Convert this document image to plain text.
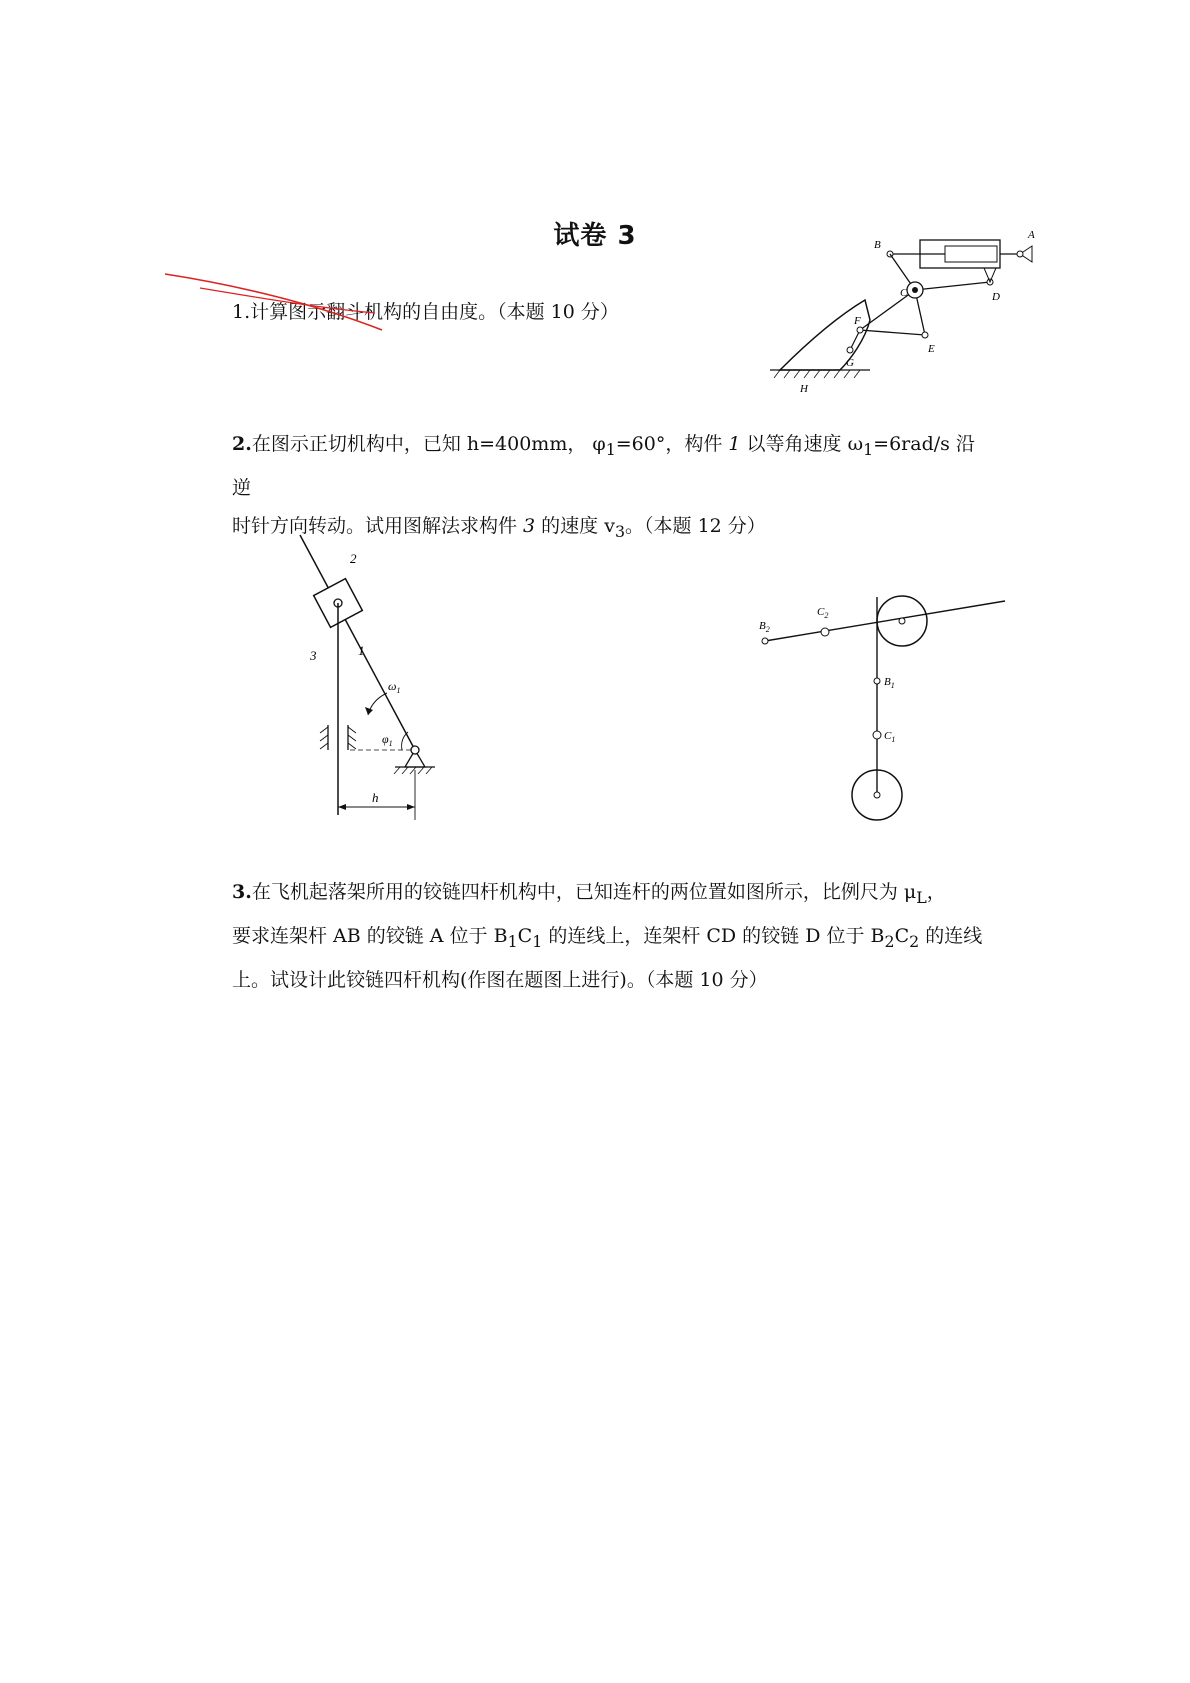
试卷 3
1.计算图示翻斗机构的自由度。（本题 10 分）
A
B
C	D
E
F
G
H
2.在图示正切机构中，已知 h=400mm， $\varphi_1=60^\circ$，构件 1 以等角速度 $\omega_1=6rad/s$ 沿逆
时针方向转动。试用图解法求构件 3 的速度 $v_3$。（本题 12 分）
2
1
3
$\omega_1$
$\varphi_1$
h
$B_2$
$C_2$
$B_1$
$C_1$
3.在飞机起落架所用的铰链四杆机构中，已知连杆的两位置如图所示，比例尺为 $\mu_L$，
要求连架杆 AB 的铰链 A 位于 $B_1C_1$ 的连线上，连架杆 CD 的铰链 D 位于 $B_2C_2$ 的连线
上。试设计此铰链四杆机构(作图在题图上进行)。（本题 10 分）
